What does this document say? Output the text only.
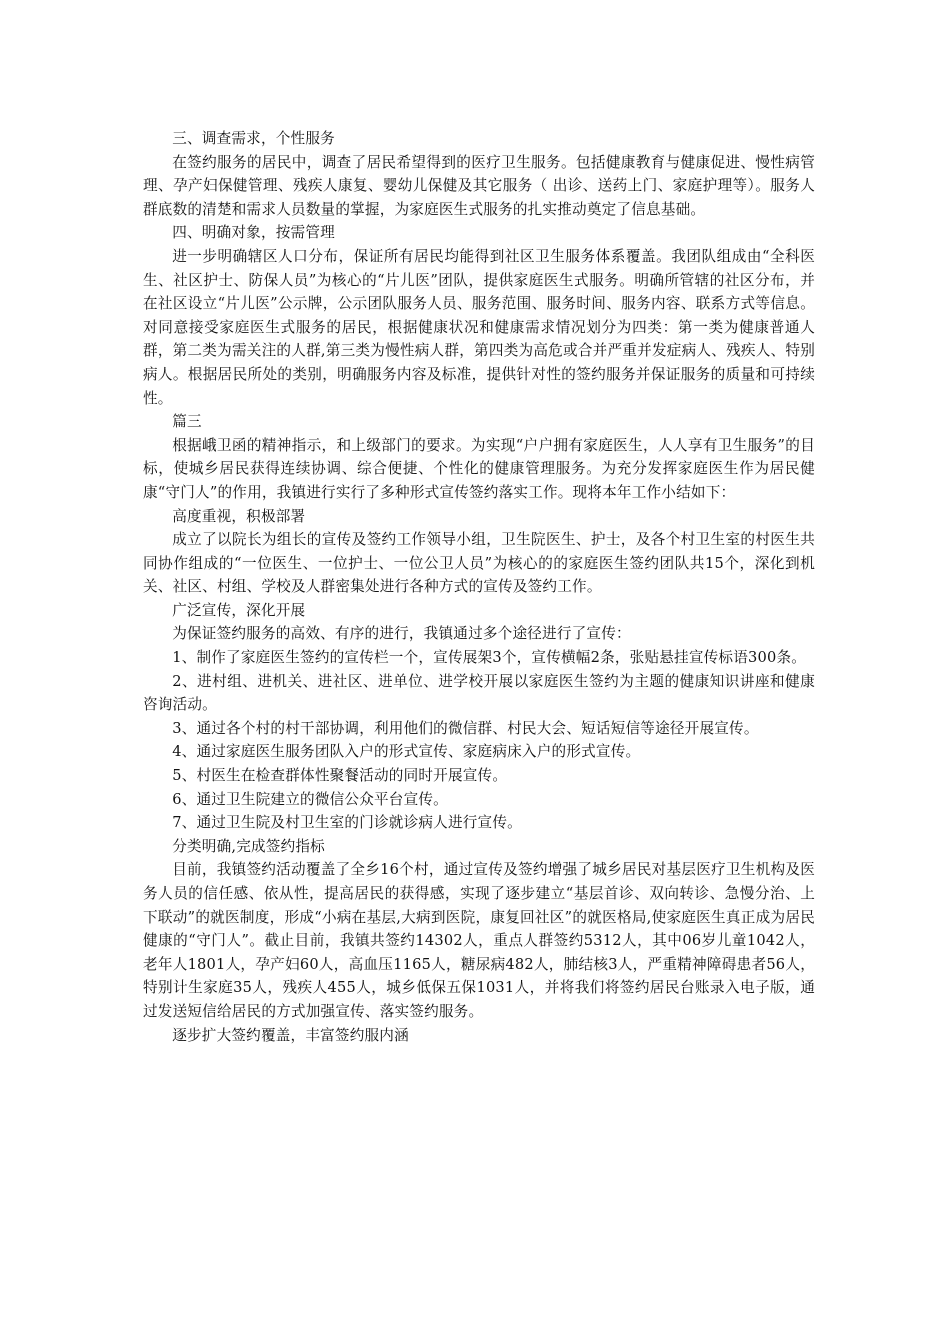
三、调查需求，个性服务

在签约服务的居民中，调查了居民希望得到的医疗卫生服务。包括健康教育与健康促进、慢性病管理、孕产妇保健管理、残疾人康复、婴幼儿保健及其它服务（ 出诊、送药上门、家庭护理等）。服务人群底数的清楚和需求人员数量的掌握，为家庭医生式服务的扎实推动奠定了信息基础。

四、明确对象，按需管理

进一步明确辖区人口分布，保证所有居民均能得到社区卫生服务体系覆盖。我团队组成由“全科医生、社区护士、防保人员”为核心的“片儿医”团队，提供家庭医生式服务。明确所管辖的社区分布，并在社区设立“片儿医”公示牌，公示团队服务人员、服务范围、服务时间、服务内容、联系方式等信息。对同意接受家庭医生式服务的居民，根据健康状况和健康需求情况划分为四类：第一类为健康普通人群，第二类为需关注的人群,第三类为慢性病人群，第四类为高危或合并严重并发症病人、残疾人、特别病人。根据居民所处的类别，明确服务内容及标准，提供针对性的签约服务并保证服务的质量和可持续性。

篇三

根据峨卫函的精神指示，和上级部门的要求。为实现“户户拥有家庭医生，人人享有卫生服务”的目标，使城乡居民获得连续协调、综合便捷、个性化的健康管理服务。为充分发挥家庭医生作为居民健康“守门人”的作用，我镇进行实行了多种形式宣传签约落实工作。现将本年工作小结如下：

高度重视，积极部署

成立了以院长为组长的宣传及签约工作领导小组，卫生院医生、护士，及各个村卫生室的村医生共同协作组成的“一位医生、一位护士、一位公卫人员”为核心的的家庭医生签约团队共15个，深化到机关、社区、村组、学校及人群密集处进行各种方式的宣传及签约工作。

广泛宣传，深化开展

为保证签约服务的高效、有序的进行，我镇通过多个途径进行了宣传：

1、制作了家庭医生签约的宣传栏一个，宣传展架3个，宣传横幅2条，张贴悬挂宣传标语300条。

2、进村组、进机关、进社区、进单位、进学校开展以家庭医生签约为主题的健康知识讲座和健康咨询活动。

3、通过各个村的村干部协调，利用他们的微信群、村民大会、短话短信等途径开展宣传。

4、通过家庭医生服务团队入户的形式宣传、家庭病床入户的形式宣传。

5、村医生在检查群体性聚餐活动的同时开展宣传。

6、通过卫生院建立的微信公众平台宣传。

7、通过卫生院及村卫生室的门诊就诊病人进行宣传。

分类明确,完成签约指标

目前，我镇签约活动覆盖了全乡16个村，通过宣传及签约增强了城乡居民对基层医疗卫生机构及医务人员的信任感、依从性，提高居民的获得感，实现了逐步建立“基层首诊、双向转诊、急慢分治、上下联动”的就医制度，形成“小病在基层,大病到医院，康复回社区”的就医格局,使家庭医生真正成为居民健康的“守门人”。截止目前，我镇共签约14302人，重点人群签约5312人，其中06岁儿童1042人，老年人1801人，孕产妇60人，高血压1165人，糖尿病482人，肺结核3人，严重精神障碍患者56人，特别计生家庭35人，残疾人455人，城乡低保五保1031人，并将我们将签约居民台账录入电子版，通过发送短信给居民的方式加强宣传、落实签约服务。

逐步扩大签约覆盖，丰富签约服内涵
